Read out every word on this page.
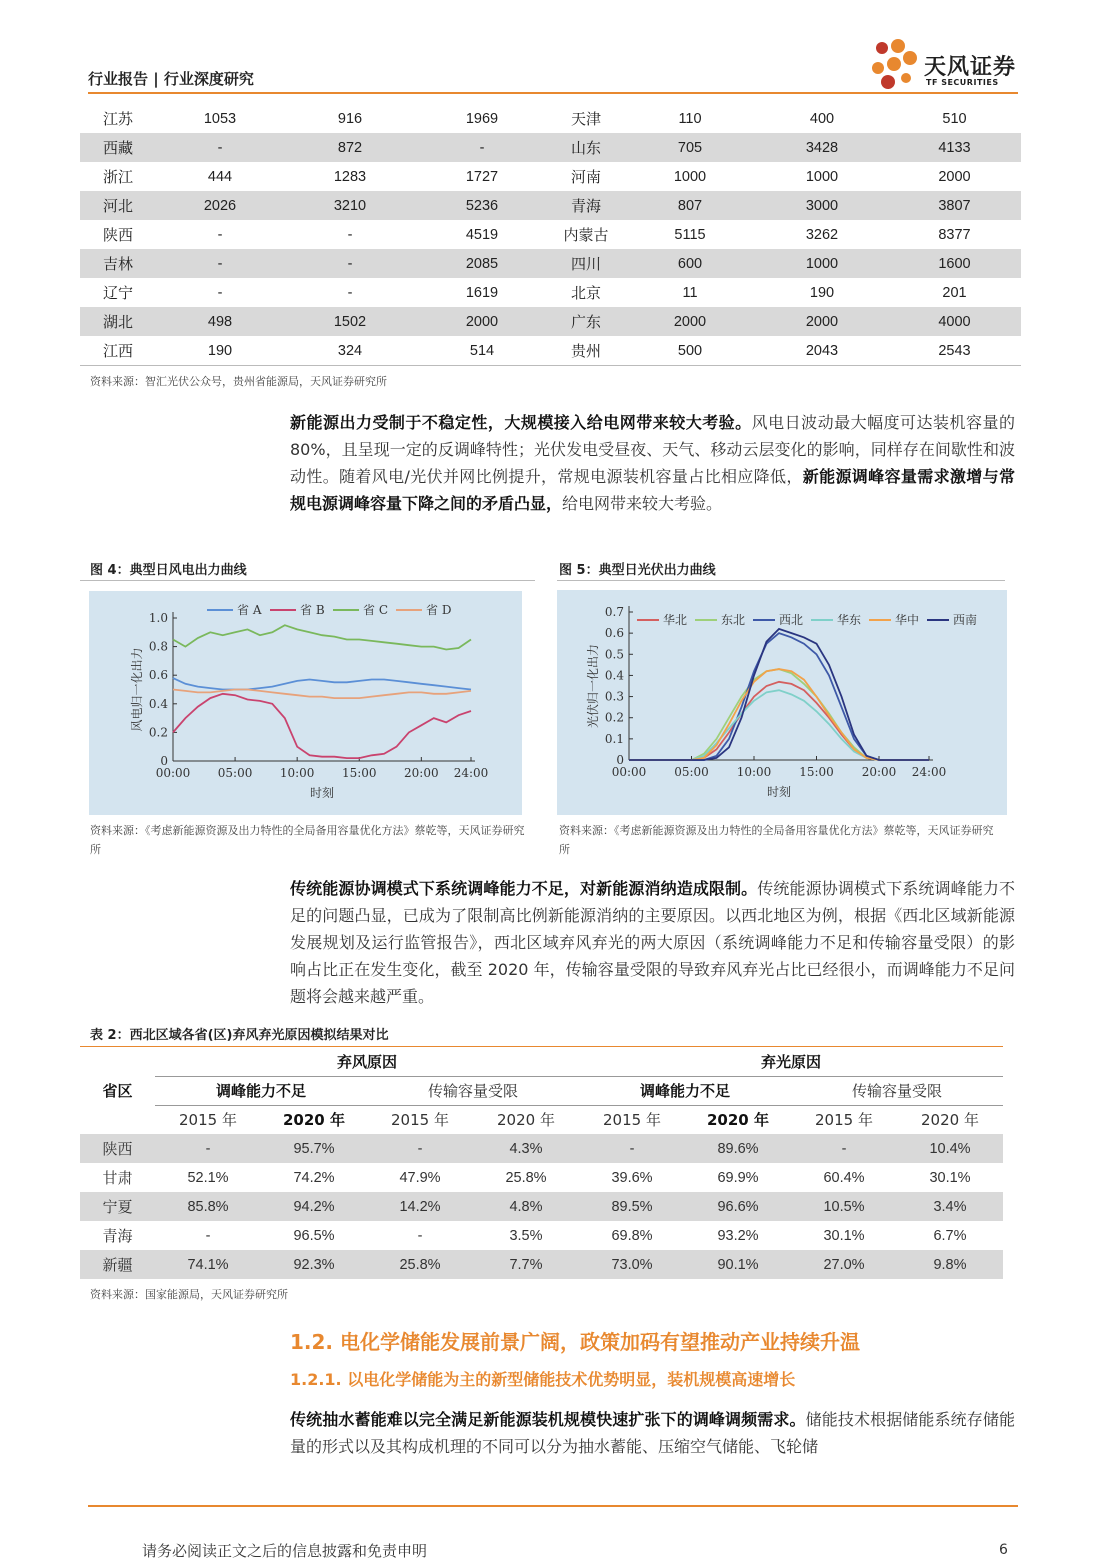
行业报告 | 行业深度研究	天风证券
TF SECURITIES
江苏	1053	916	1969	天津	110	400	510
西藏	-	872	-	山东	705	3428	4133
浙江	444	1283	1727	河南	1000	1000	2000
河北	2026	3210	5236	青海	807	3000	3807
陕西	-	-	4519	内蒙古	5115	3262	8377
吉林	-	-	2085	四川	600	1000	1600
辽宁	-	-	1619	北京	11	190	201
湖北	498	1502	2000	广东	2000	2000	4000
江西	190	324	514	贵州	500	2043	2543
资料来源：智汇光伏公众号，贵州省能源局，天风证券研究所
新能源出力受制于不稳定性，大规模接入给电网带来较大考验。风电日波动最大幅度可达装机容量的 80%，且呈现一定的反调峰特性；光伏发电受昼夜、天气、移动云层变化的影响，同样存在间歇性和波动性。随着风电/光伏并网比例提升，常规电源装机容量占比相应降低，新能源调峰容量需求激增与常规电源调峰容量下降之间的矛盾凸显，给电网带来较大考验。
图 4：典型日风电出力曲线
0
0.2
0.4
0.6
0.8
1.0
00:00 05:00 10:00 15:00 20:00 24:00
时刻
风电归一化出力
省 A	省 B	省 C	省 D
资料来源：《考虑新能源资源及出力特性的全局备用容量优化方法》蔡乾等，天风证券研究所
图 5：典型日光伏出力曲线
0
0.1
0.2
0.3
0.4
0.5
0.6
0.7
00:00 05:00 10:00 15:00 20:00 24:00
时刻
光伏归一化出力
华北	东北	西北	华东	华中	西南
资料来源：《考虑新能源资源及出力特性的全局备用容量优化方法》蔡乾等，天风证券研究所
传统能源协调模式下系统调峰能力不足，对新能源消纳造成限制。传统能源协调模式下系统调峰能力不足的问题凸显，已成为了限制高比例新能源消纳的主要原因。以西北地区为例，根据《西北区域新能源发展规划及运行监管报告》，西北区域弃风弃光的两大原因（系统调峰能力不足和传输容量受限）的影响占比正在发生变化，截至 2020 年，传输容量受限的导致弃风弃光占比已经很小，而调峰能力不足问题将会越来越严重。
表 2：西北区域各省(区)弃风弃光原因模拟结果对比
省区	弃风原因				弃光原因			
	调峰能力不足		传输容量受限		调峰能力不足		传输容量受限	
	2015 年	2020 年	2015 年	2020 年	2015 年	2020 年	2015 年	2020 年
陕西	-	95.7%	-	4.3%	-	89.6%	-	10.4%
甘肃	52.1%	74.2%	47.9%	25.8%	39.6%	69.9%	60.4%	30.1%
宁夏	85.8%	94.2%	14.2%	4.8%	89.5%	96.6%	10.5%	3.4%
青海	-	96.5%	-	3.5%	69.8%	93.2%	30.1%	6.7%
新疆	74.1%	92.3%	25.8%	7.7%	73.0%	90.1%	27.0%	9.8%
资料来源：国家能源局，天风证券研究所
1.2. 电化学储能发展前景广阔，政策加码有望推动产业持续升温
1.2.1. 以电化学储能为主的新型储能技术优势明显，装机规模高速增长
传统抽水蓄能难以完全满足新能源装机规模快速扩张下的调峰调频需求。储能技术根据储能系统存储能量的形式以及其构成机理的不同可以分为抽水蓄能、压缩空气储能、飞轮储
请务必阅读正文之后的信息披露和免责申明	6
